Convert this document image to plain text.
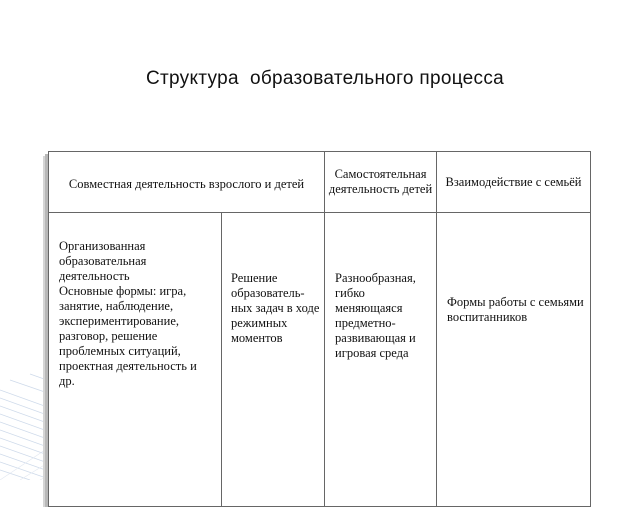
Структура  образовательного процесса
Совместная деятельность взрослого и детей		Самостоятельная деятельность детей	Взаимодействие с семьёй

Организованная образовательная деятельность
Основные формы: игра, занятие, наблюдение, экспериментирование, разговор, решение проблемных ситуаций, проектная деятельность и др.	Решение образователь-ных задач в ходе режимных моментов	Разнообразная, гибко меняющаяся предметно-развивающая и игровая среда	Формы работы с семьями воспитанников
